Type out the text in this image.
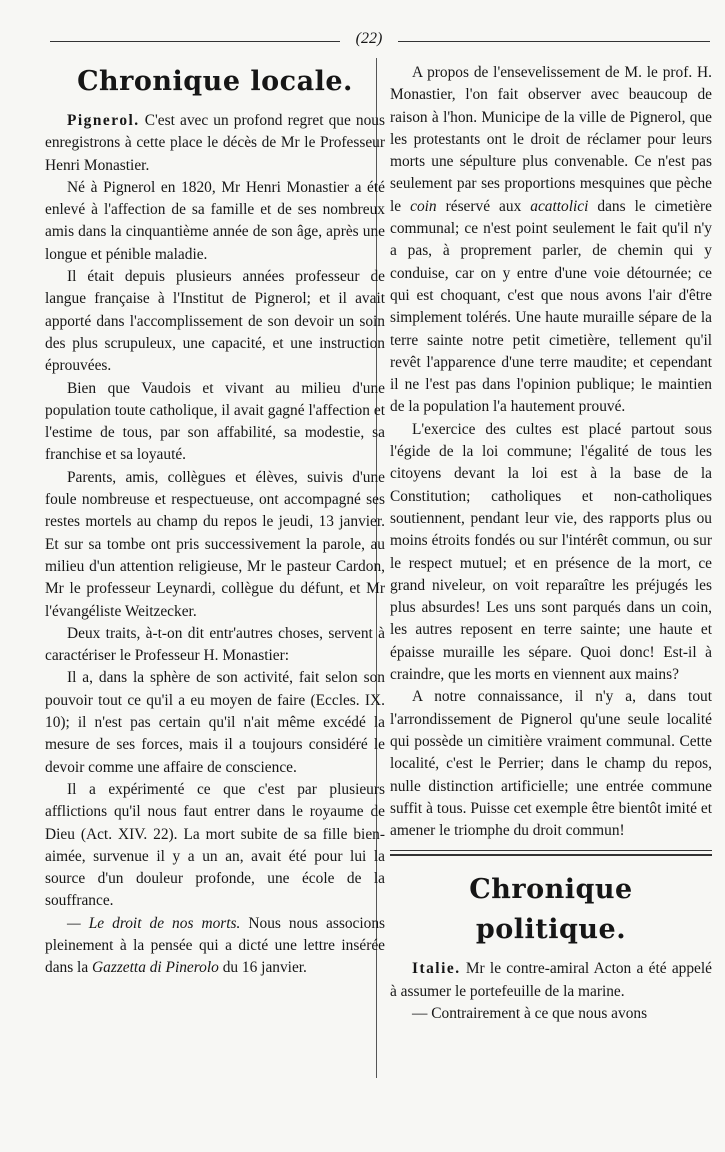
(22)
Chronique locale.

Pignerol. C'est avec un profond regret que nous enregistrons à cette place le décès de Mr le Professeur Henri Monastier.

Né à Pignerol en 1820, Mr Henri Monastier a été enlevé à l'affection de sa famille et de ses nombreux amis dans la cinquantième année de son âge, après une longue et pénible maladie.

Il était depuis plusieurs années professeur de langue française à l'Institut de Pignerol; et il avait apporté dans l'accomplissement de son devoir un soin des plus scrupuleux, une capacité, et une instruction éprouvées.

Bien que Vaudois et vivant au milieu d'une population toute catholique, il avait gagné l'affection et l'estime de tous, par son affabilité, sa modestie, sa franchise et sa loyauté.

Parents, amis, collègues et élèves, suivis d'une foule nombreuse et respectueuse, ont accompagné ses restes mortels au champ du repos le jeudi, 13 janvier. Et sur sa tombe ont pris successivement la parole, au milieu d'un attention religieuse, Mr le pasteur Cardon, Mr le professeur Leynardi, collègue du défunt, et Mr l'évangéliste Weitzecker.

Deux traits, à-t-on dit entr'autres choses, servent à caractériser le Professeur H. Monastier:

Il a, dans la sphère de son activité, fait selon son pouvoir tout ce qu'il a eu moyen de faire (Eccles. IX. 10); il n'est pas certain qu'il n'ait même excédé la mesure de ses forces, mais il a toujours considéré le devoir comme une affaire de conscience.

Il a expérimenté ce que c'est par plusieurs afflictions qu'il nous faut entrer dans le royaume de Dieu (Act. XIV. 22). La mort subite de sa fille bien-aimée, survenue il y a un an, avait été pour lui la source d'un douleur profonde, une école de la souffrance.

— Le droit de nos morts. Nous nous associons pleinement à la pensée qui a dicté une lettre insérée dans la Gazzetta di Pinerolo du 16 janvier.

A propos de l'ensevelissement de M. le prof. H. Monastier, l'on fait observer avec beaucoup de raison à l'hon. Municipe de la ville de Pignerol, que les protestants ont le droit de réclamer pour leurs morts une sépulture plus convenable. Ce n'est pas seulement par ses proportions mesquines que pèche le coin réservé aux acattolici dans le cimetière communal; ce n'est point seulement le fait qu'il n'y a pas, à proprement parler, de chemin qui y conduise, car on y entre d'une voie détournée; ce qui est choquant, c'est que nous avons l'air d'être simplement tolérés. Une haute muraille sépare de la terre sainte notre petit cimetière, tellement qu'il revêt l'apparence d'une terre maudite; et cependant il ne l'est pas dans l'opinion publique; le maintien de la population l'a hautement prouvé.

L'exercice des cultes est placé partout sous l'égide de la loi commune; l'égalité de tous les citoyens devant la loi est à la base de la Constitution; catholiques et non-catholiques soutiennent, pendant leur vie, des rapports plus ou moins étroits fondés ou sur l'intérêt commun, ou sur le respect mutuel; et en présence de la mort, ce grand niveleur, on voit reparaître les préjugés les plus absurdes! Les uns sont parqués dans un coin, les autres reposent en terre sainte; une haute et épaisse muraille les sépare. Quoi donc! Est-il à craindre, que les morts en viennent aux mains?

A notre connaissance, il n'y a, dans tout l'arrondissement de Pignerol qu'une seule localité qui possède un cimitière vraiment communal. Cette localité, c'est le Perrier; dans le champ du repos, nulle distinction artificielle; une entrée commune suffit à tous. Puisse cet exemple être bientôt imité et amener le triomphe du droit commun!

Chronique politique.

Italie. Mr le contre-amiral Acton a été appelé à assumer le portefeuille de la marine.

— Contrairement à ce que nous avons
